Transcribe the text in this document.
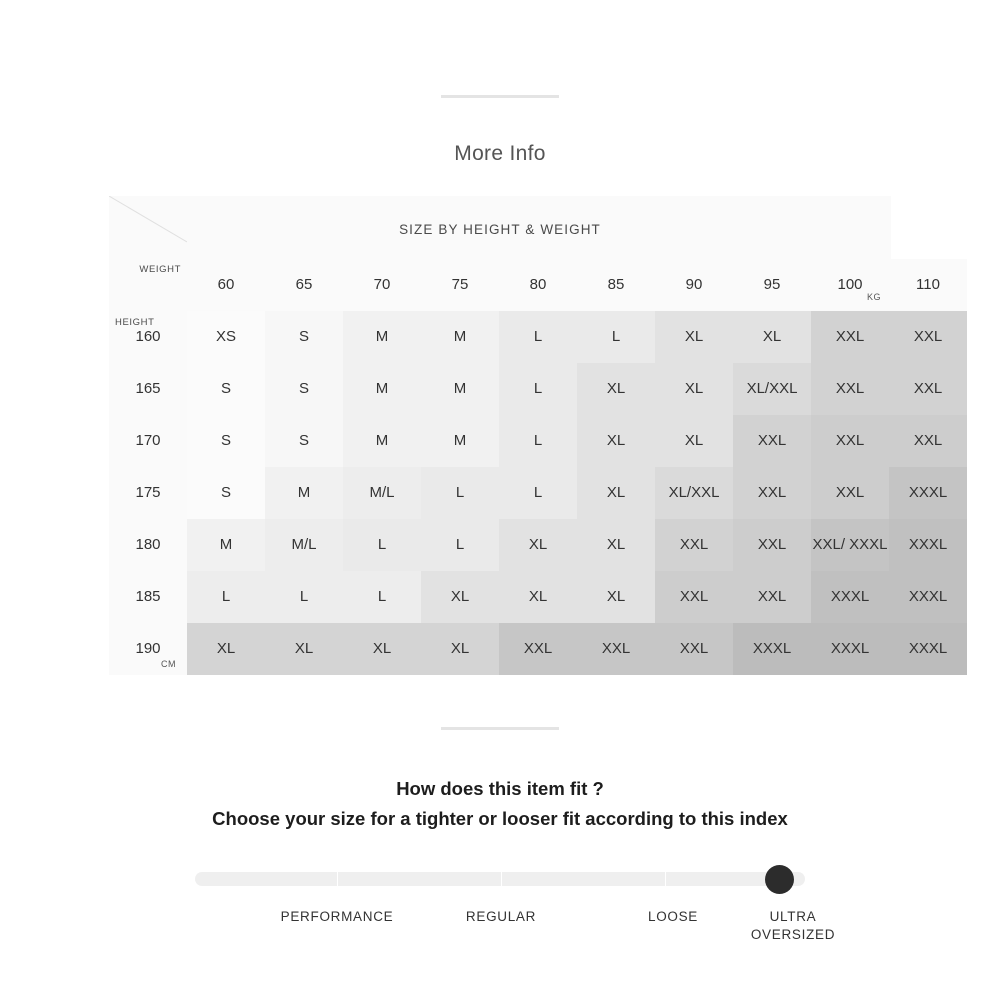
More Info
SIZE BY HEIGHT & WEIGHT
WEIGHT
HEIGHT	60	65	70	75	80	85	90	95	100	110
160	XS	S	M	M	L	L	XL	XL	XXL	XXL
165	S	S	M	M	L	XL	XL	XL/XXL	XXL	XXL
170	S	S	M	M	L	XL	XL	XXL	XXL	XXL
175	S	M	M/L	L	L	XL	XL/XXL	XXL	XXL	XXXL
180	M	M/L	L	L	XL	XL	XXL	XXL	XXL/ XXXL	XXXL
185	L	L	L	XL	XL	XL	XXL	XXL	XXXL	XXXL
190	XL	XL	XL	XL	XXL	XXL	XXL	XXXL	XXXL	XXXL
KG
CM
How does this item fit ?
Choose your size for a tighter or looser fit according to this index
PERFORMANCE	REGULAR	LOOSE	ULTRA OVERSIZED
